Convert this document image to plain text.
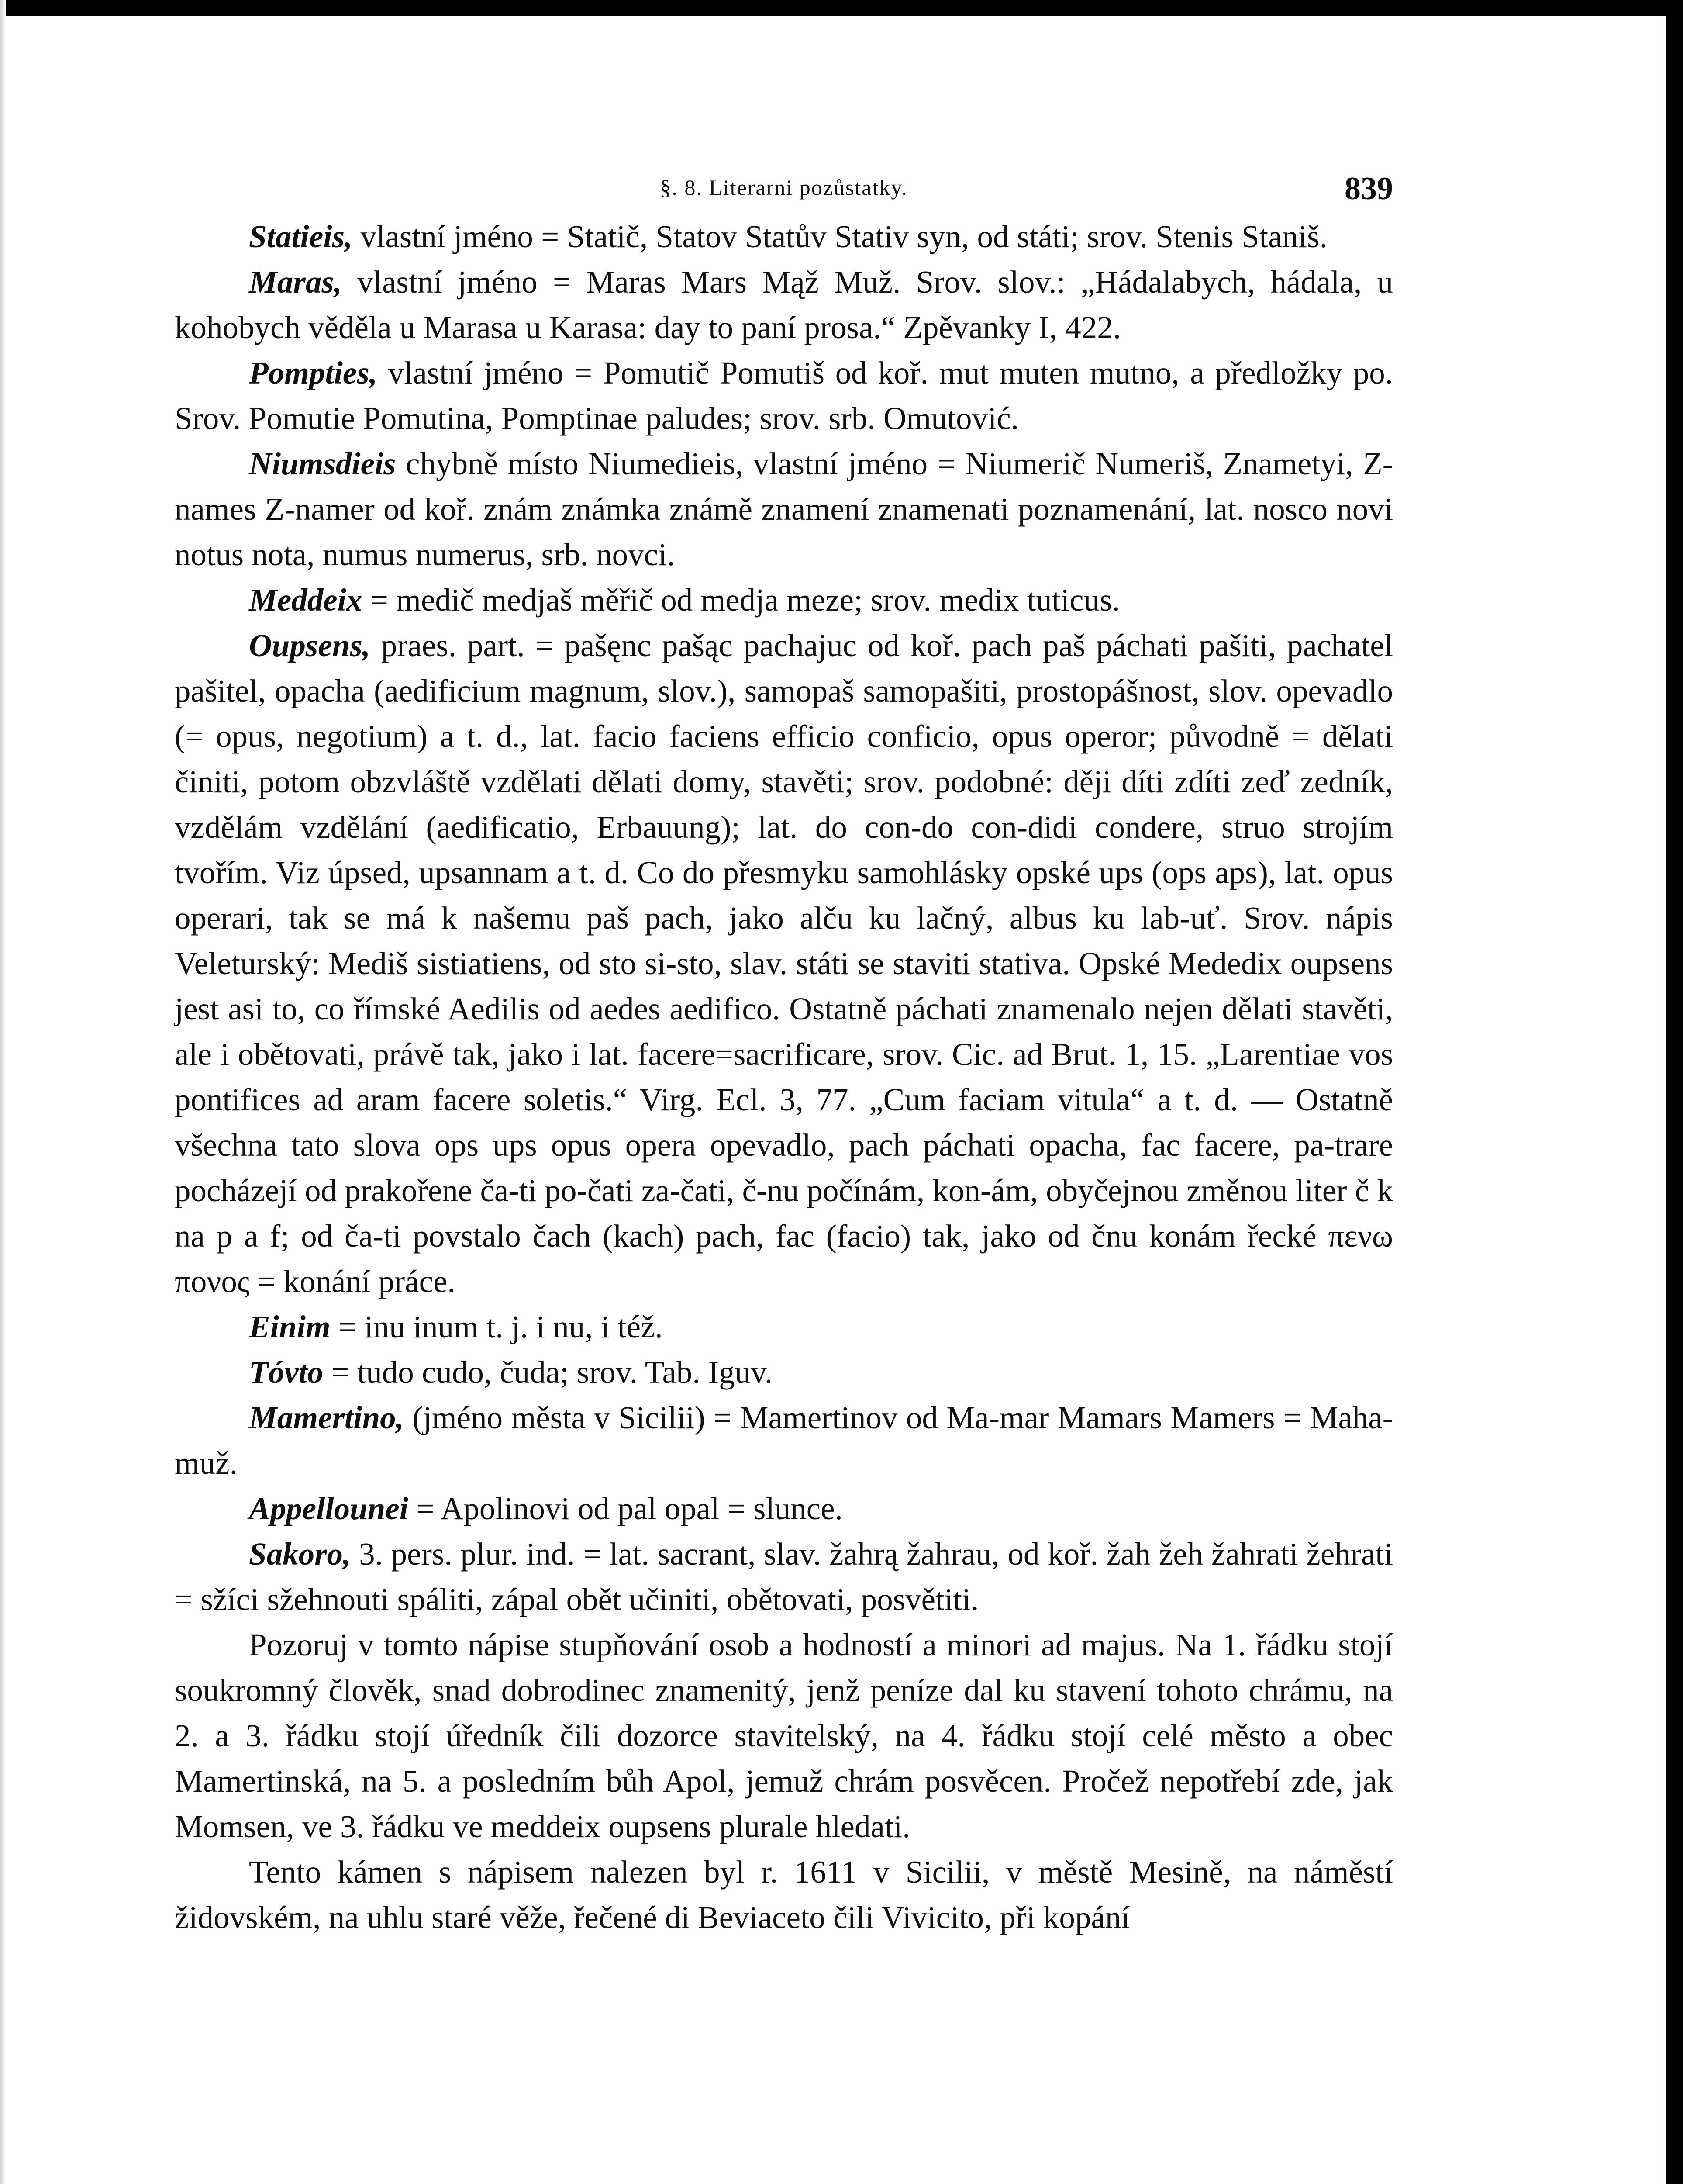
§. 8. Literarni pozůstatky.	839

Statieis, vlastní jméno = Statič, Statov Statův Stativ syn, od státi; srov. Stenis Staniš.

Maras, vlastní jméno = Maras Mars Mąž Muž. Srov. slov.: „Hádalabych, hádala, u kohobych věděla u Marasa u Karasa: day to paní prosa.“ Zpěvanky I, 422.

Pomptiеs, vlastní jméno = Pomutič Pomutiš od koř. mut muten mutno, a předložky po. Srov. Pomutie Pomutina, Pomptinae paludes; srov. srb. Omutović.

Niumsdieis chybně místo Niumedieis, vlastní jméno = Niumerič Numeriš, Znametyi, Z-names Z-namer od koř. znám známka známě znamení znamenati poznamenání, lat. nosco novi notus nota, numus numerus, srb. novci.

Meddeix = medič medjaš měřič od medja meze; srov. medix tuticus.

Oupsens, praes. part. = pašęnc pašąc pachajuc od koř. pach paš páchati pašiti, pachatel pašitel, opacha (aedificium magnum, slov.), samopaš samopašiti, prostopášnost, slov. opevadlo (= opus, negotium) a t. d., lat. facio faciens efficio conficio, opus operor; původně = dělati činiti, potom obzvláště vzdělati dělati domy, stavěti; srov. podobné: ději díti zdíti zeď zedník, vzdělám vzdělání (aedificatio, Erbauung); lat. do con-do con-didi condere, struo strojím tvořím. Viz úpsed, upsannam a t. d. Co do přesmyku samohlásky opské ups (ops aps), lat. opus operari, tak se má k našemu paš pach, jako alču ku lačný, albus ku lab-uť. Srov. nápis Veleturský: Mediš sistiatiens, od sto si-sto, slav. státi se staviti stativa. Opské Mededix oupsens jest asi to, co římské Aedilis od aedes aedifico. Ostatně páchati znamenalo nejen dělati stavěti, ale i obětovati, právě tak, jako i lat. facere=sacrificare, srov. Cic. ad Brut. 1, 15. „Larentiae vos pontifices ad aram facere soletis.“ Virg. Ecl. 3, 77. „Cum faciam vitula“ a t. d. — Ostatně všechna tato slova ops ups opus opera opevadlo, pach páchati opacha, fac facere, pa-trare pocházejí od prakořene ča-ti po-čati za-čati, č-nu počínám, kon-ám, obyčejnou změnou liter č k na p a f; od ča-ti povstalo čach (kach) pach, fac (facio) tak, jako od čnu konám řecké πενω πονος = konání práce.

Einim = inu inum t. j. i nu, i též.

Tóvto = tudo cudo, čuda; srov. Tab. Iguv.

Mamertino, (jméno města v Sicilii) = Mamertinov od Ma-mar Mamars Mamers = Maha-muž.

Appellounei = Apolinovi od pal opal = slunce.

Sakoro, 3. pers. plur. ind. = lat. sacrant, slav. žahrą žahrau, od koř. žah žeh žahrati žehrati = sžíci sžehnouti spáliti, zápal obět učiniti, obětovati, posvětiti.

Pozoruj v tomto nápise stupňování osob a hodností a minori ad majus. Na 1. řádku stojí soukromný člověk, snad dobrodinec znamenitý, jenž peníze dal ku stavení tohoto chrámu, na 2. a 3. řádku stojí úředník čili dozorce stavitelský, na 4. řádku stojí celé město a obec Mamertinská, na 5. a posledním bůh Apol, jemuž chrám posvěcen. Pročež nepotřebí zde, jak Momsen, ve 3. řádku ve meddeix oupsens plurale hledati.

Tento kámen s nápisem nalezen byl r. 1611 v Sicilii, v městě Mesině, na náměstí židovském, na uhlu staré věže, řečené di Beviaceto čili Vivicito, při kopání
